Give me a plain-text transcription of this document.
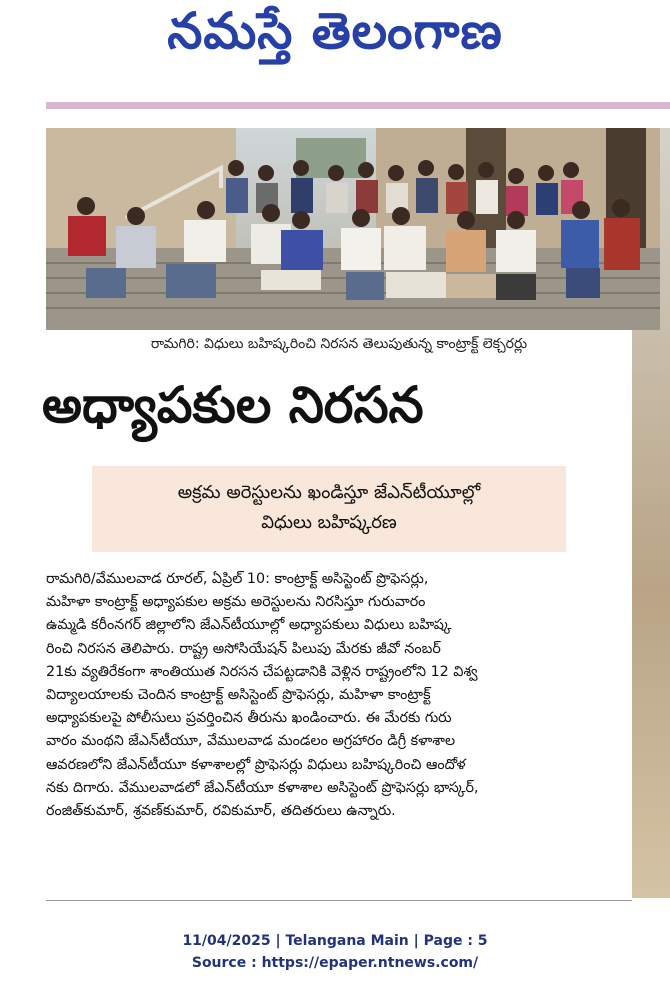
నమస్తే తెలంగాణ
రామగిరి: విధులు బహిష్కరించి నిరసన తెలుపుతున్న కాంట్రాక్ట్ లెక్చరర్లు
అధ్యాపకుల నిరసన
అక్రమ అరెస్టులను ఖండిస్తూ జేఎన్‌టీయూల్లో
విధులు బహిష్కరణ
రామగిరి/వేములవాడ రూరల్, ఏప్రిల్ 10: కాంట్రాక్ట్ అసిస్టెంట్ ప్రొఫెసర్లు,
మహిళా కాంట్రాక్ట్ అధ్యాపకుల అక్రమ అరెస్టులను నిరసిస్తూ గురువారం
ఉమ్మడి కరీంనగర్ జిల్లాలోని జేఎన్‌టీయూల్లో అధ్యాపకులు విధులు బహిష్క
రించి నిరసన తెలిపారు. రాష్ట్ర అసోసియేషన్ పిలుపు మేరకు జీవో నంబర్
21కు వ్యతిరేకంగా శాంతియుత నిరసన చేపట్టడానికి వెళ్లిన రాష్ట్రంలోని 12 విశ్వ
విద్యాలయాలకు చెందిన కాంట్రాక్ట్ అసిస్టెంట్ ప్రొఫెసర్లు, మహిళా కాంట్రాక్ట్
అధ్యాపకులపై పోలీసులు ప్రవర్తించిన తీరును ఖండించారు. ఈ మేరకు గురు
వారం మంథని జేఎన్‌టీయూ, వేములవాడ మండలం అగ్రహారం డిగ్రీ కళాశాల
ఆవరణలోని జేఎన్‌టీయూ కళాశాలల్లో ప్రొఫెసర్లు విధులు బహిష్కరించి ఆందోళ
నకు దిగారు. వేములవాడలో జేఎన్‌టీయూ కళాశాల అసిస్టెంట్ ప్రొఫెసర్లు భాస్కర్,
రంజిత్‌కుమార్, శ్రవణ్‌కుమార్, రవికుమార్, తదితరులు ఉన్నారు.
11/04/2025 | Telangana Main | Page : 5
Source : https://epaper.ntnews.com/
